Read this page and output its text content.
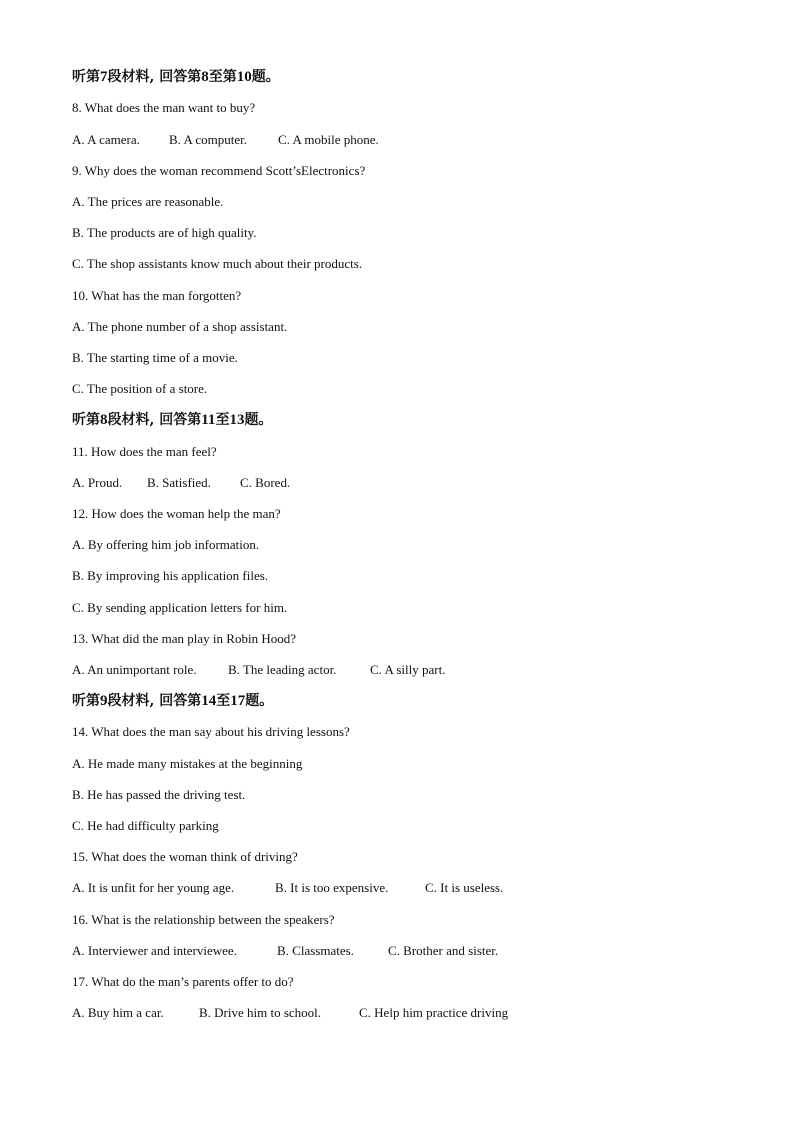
听第7段材料, 回答第8至第10题。
8. What does the man want to buy?
A. A camera. B. A computer. C. A mobile phone.
9. Why does the woman recommend Scott’sElectronics?
A. The prices are reasonable.
B. The products are of high quality.
C. The shop assistants know much about their products.
10. What has the man forgotten?
A. The phone number of a shop assistant.
B. The starting time of a movie.
C. The position of a store.
听第8段材料, 回答第11至13题。
11. How does the man feel?
A. Proud. B. Satisfied. C. Bored.
12. How does the woman help the man?
A. By offering him job information.
B. By improving his application files.
C. By sending application letters for him.
13. What did the man play in Robin Hood?
A. An unimportant role. B. The leading actor.	C. A silly part.
听第9段材料, 回答第14至17题。
14. What does the man say about his driving lessons?
A. He made many mistakes at the beginning
B. He has passed the driving test.
C. He had difficulty parking
15. What does the woman think of driving?
A. It is unfit for her young age.	B. It is too expensive.	C. It is useless.
16. What is the relationship between the speakers?
A. Interviewer and interviewee.	B. Classmates.	C. Brother and sister.
17. What do the man’s parents offer to do?
A. Buy him a car.	B. Drive him to school.	C. Help him practice driving
